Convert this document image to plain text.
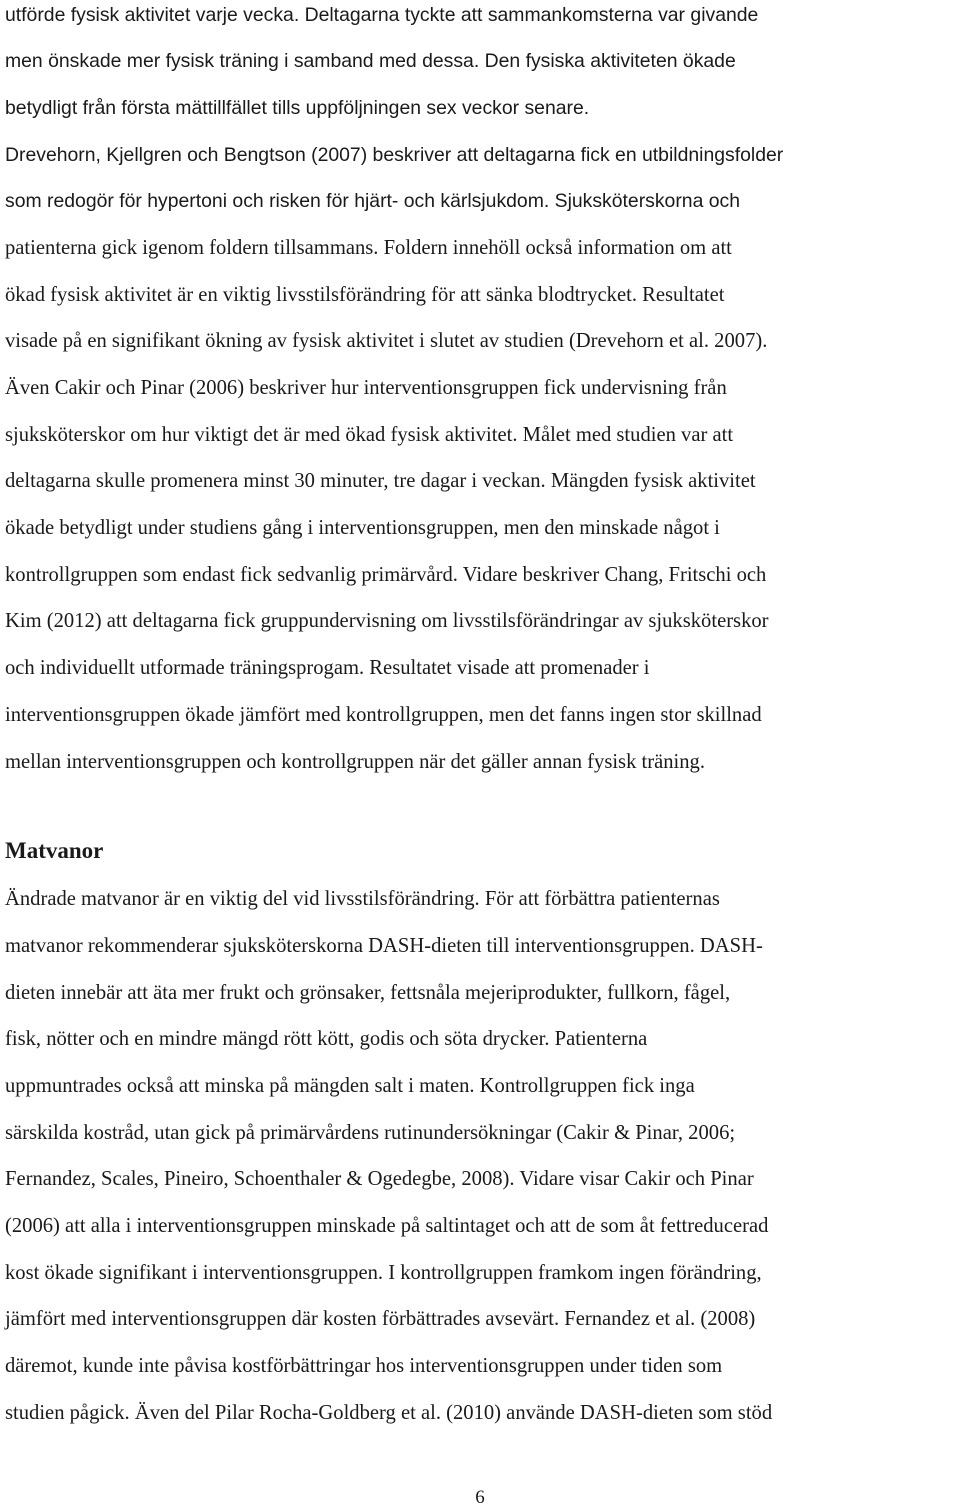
utförde fysisk aktivitet varje vecka. Deltagarna tyckte att sammankomsterna var givande

men önskade mer fysisk träning i samband med dessa. Den fysiska aktiviteten ökade

betydligt från första mättillfället tills uppföljningen sex veckor senare.

Drevehorn, Kjellgren och Bengtson (2007) beskriver att deltagarna fick en utbildningsfolder

som redogör för hypertoni och risken för hjärt- och kärlsjukdom. Sjuksköterskorna och

patienterna gick igenom foldern tillsammans. Foldern innehöll också information om att

ökad fysisk aktivitet är en viktig livsstilsförändring för att sänka blodtrycket. Resultatet

visade på en signifikant ökning av fysisk aktivitet i slutet av studien (Drevehorn et al. 2007).

Även Cakir och Pinar (2006) beskriver hur interventionsgruppen fick undervisning från

sjuksköterskor om hur viktigt det är med ökad fysisk aktivitet. Målet med studien var att

deltagarna skulle promenera minst 30 minuter, tre dagar i veckan. Mängden fysisk aktivitet

ökade betydligt under studiens gång i interventionsgruppen, men den minskade något i

kontrollgruppen som endast fick sedvanlig primärvård. Vidare beskriver Chang, Fritschi och

Kim (2012) att deltagarna fick gruppundervisning om livsstilsförändringar av sjuksköterskor

och individuellt utformade träningsprogam. Resultatet visade att promenader i

interventionsgruppen ökade jämfört med kontrollgruppen, men det fanns ingen stor skillnad

mellan interventionsgruppen och kontrollgruppen när det gäller annan fysisk träning.

Matvanor

Ändrade matvanor är en viktig del vid livsstilsförändring. För att förbättra patienternas

matvanor rekommenderar sjuksköterskorna DASH-dieten till interventionsgruppen. DASH-

dieten innebär att äta mer frukt och grönsaker, fettsnåla mejeriprodukter, fullkorn, fågel,

fisk, nötter och en mindre mängd rött kött, godis och söta drycker. Patienterna

uppmuntrades också att minska på mängden salt i maten. Kontrollgruppen fick inga

särskilda kostråd, utan gick på primärvårdens rutinundersökningar (Cakir & Pinar, 2006;

Fernandez, Scales, Pineiro, Schoenthaler & Ogedegbe, 2008). Vidare visar Cakir och Pinar

(2006) att alla i interventionsgruppen minskade på saltintaget och att de som åt fettreducerad

kost ökade signifikant i interventionsgruppen. I kontrollgruppen framkom ingen förändring,

jämfört med interventionsgruppen där kosten förbättrades avsevärt. Fernandez et al. (2008)

däremot, kunde inte påvisa kostförbättringar hos interventionsgruppen under tiden som

studien pågick. Även del Pilar Rocha-Goldberg et al. (2010) använde DASH-dieten som stöd

6
